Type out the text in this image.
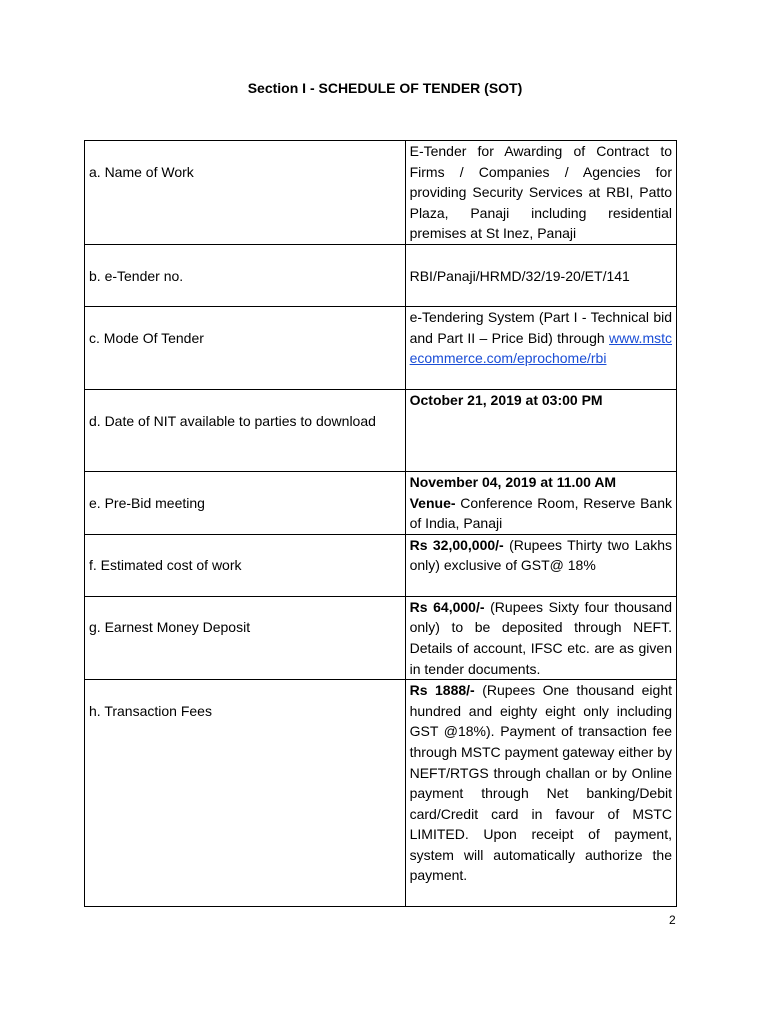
Section I - SCHEDULE OF TENDER (SOT)
a. Name of Work	E-Tender for Awarding of Contract to Firms / Companies / Agencies for providing Security Services at RBI, Patto Plaza, Panaji including residential premises at St Inez, Panaji

b. e-Tender no.	RBI/Panaji/HRMD/32/19-20/ET/141

c. Mode Of Tender	e-Tendering System (Part I - Technical bid and Part II – Price Bid) through www.mstcecommerce.com/eprochome/rbi

d. Date of NIT available to parties to download	October 21, 2019 at 03:00 PM

e. Pre-Bid meeting	November 04, 2019 at 11.00 AM
Venue- Conference Room, Reserve Bank of India, Panaji

f. Estimated cost of work	Rs 32,00,000/- (Rupees Thirty two Lakhs only) exclusive of GST@ 18%

g. Earnest Money Deposit	Rs 64,000/- (Rupees Sixty four thousand only) to be deposited through NEFT. Details of account, IFSC etc. are as given in tender documents.

h. Transaction Fees	Rs 1888/- (Rupees One thousand eight hundred and eighty eight only including GST @18%). Payment of transaction fee through MSTC payment gateway either by NEFT/RTGS through challan or by Online payment through Net banking/Debit card/Credit card in favour of MSTC LIMITED. Upon receipt of payment, system will automatically authorize the payment.
2
